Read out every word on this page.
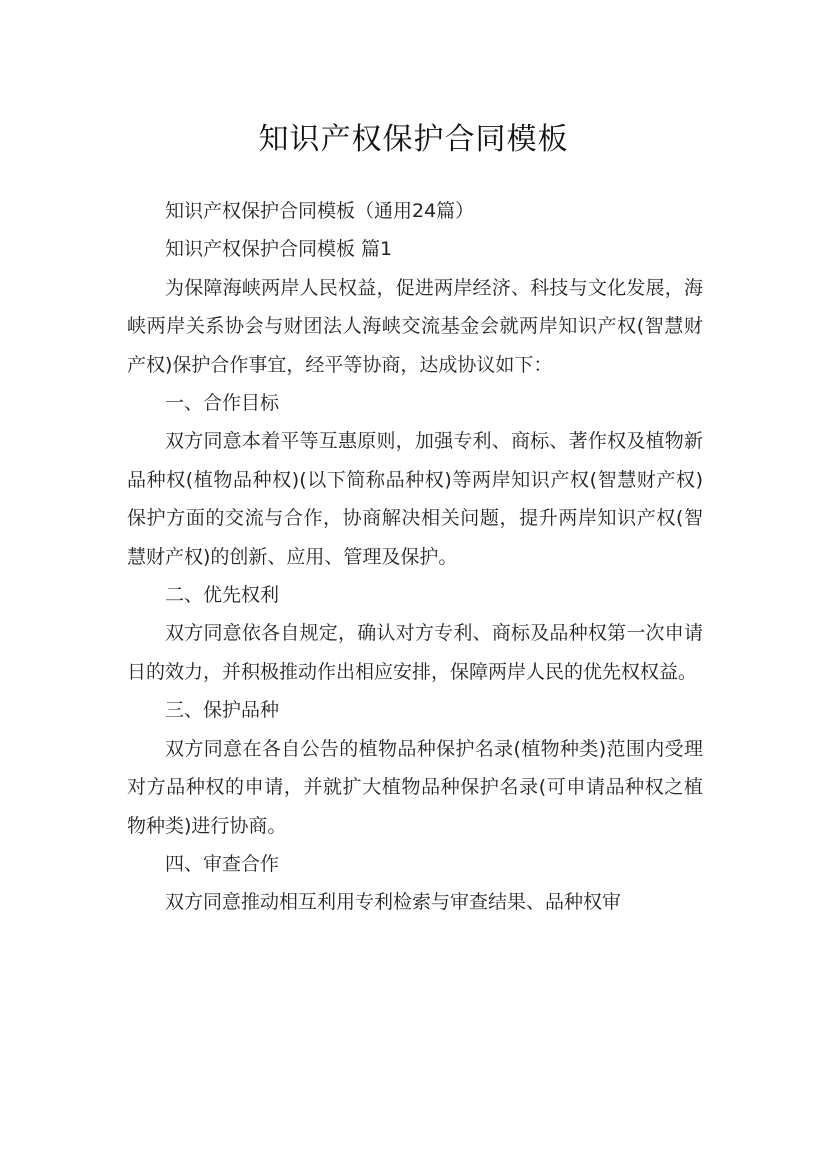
知识产权保护合同模板

知识产权保护合同模板（通用24篇）

知识产权保护合同模板 篇1

为保障海峡两岸人民权益，促进两岸经济、科技与文化发展，海峡两岸关系协会与财团法人海峡交流基金会就两岸知识产权(智慧财产权)保护合作事宜，经平等协商，达成协议如下：

一、合作目标

双方同意本着平等互惠原则，加强专利、商标、著作权及植物新品种权(植物品种权)(以下简称品种权)等两岸知识产权(智慧财产权)保护方面的交流与合作，协商解决相关问题，提升两岸知识产权(智慧财产权)的创新、应用、管理及保护。

二、优先权利

双方同意依各自规定，确认对方专利、商标及品种权第一次申请日的效力，并积极推动作出相应安排，保障两岸人民的优先权权益。

三、保护品种

双方同意在各自公告的植物品种保护名录(植物种类)范围内受理对方品种权的申请，并就扩大植物品种保护名录(可申请品种权之植物种类)进行协商。

四、审查合作

双方同意推动相互利用专利检索与审查结果、品种权审
